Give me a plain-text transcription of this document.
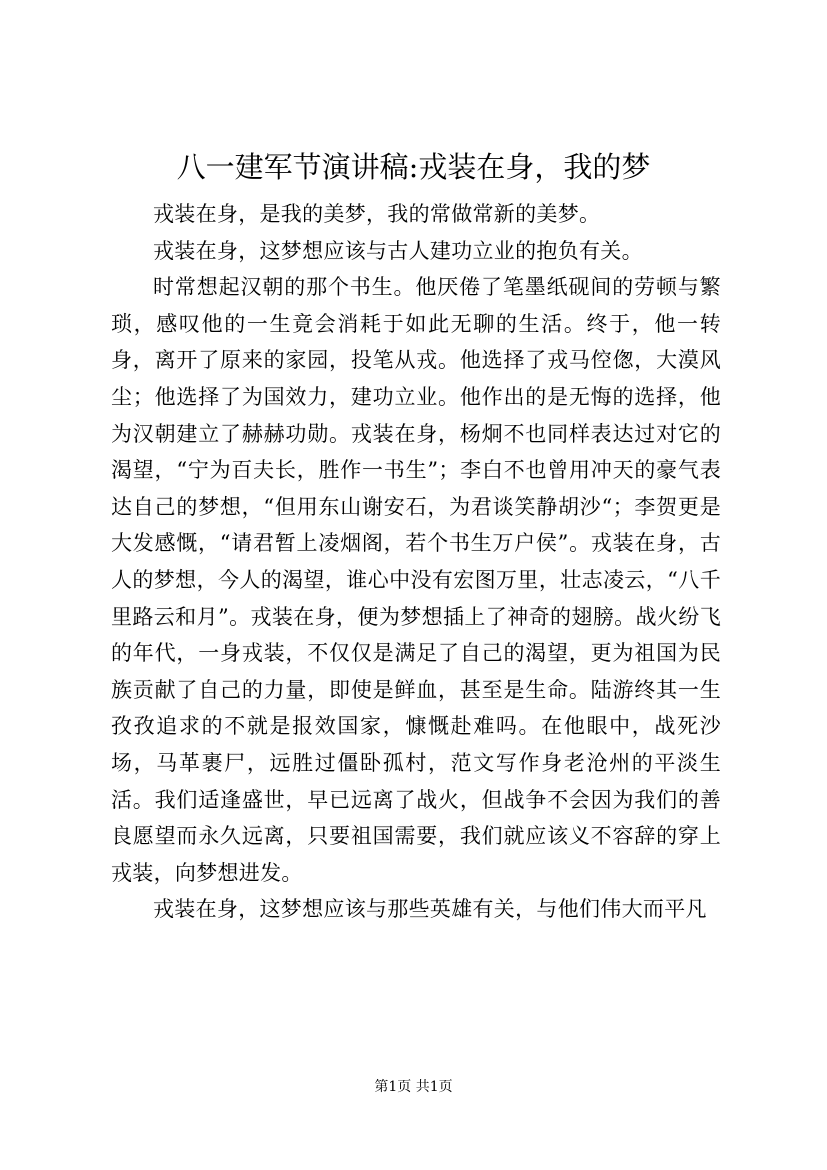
八一建军节演讲稿:戎装在身，我的梦

戎装在身，是我的美梦，我的常做常新的美梦。

戎装在身，这梦想应该与古人建功立业的抱负有关。

时常想起汉朝的那个书生。他厌倦了笔墨纸砚间的劳顿与繁琐，感叹他的一生竟会消耗于如此无聊的生活。终于，他一转身，离开了原来的家园，投笔从戎。他选择了戎马倥偬，大漠风尘；他选择了为国效力，建功立业。他作出的是无悔的选择，他为汉朝建立了赫赫功勋。戎装在身，杨炯不也同样表达过对它的渴望，“宁为百夫长，胜作一书生”；李白不也曾用冲天的豪气表达自己的梦想，“但用东山谢安石，为君谈笑静胡沙“；李贺更是大发感慨，“请君暂上凌烟阁，若个书生万户侯”。戎装在身，古人的梦想，今人的渴望，谁心中没有宏图万里，壮志凌云，“八千里路云和月”。戎装在身，便为梦想插上了神奇的翅膀。战火纷飞的年代，一身戎装，不仅仅是满足了自己的渴望，更为祖国为民族贡献了自己的力量，即使是鲜血，甚至是生命。陆游终其一生孜孜追求的不就是报效国家，慷慨赴难吗。在他眼中，战死沙场，马革裹尸，远胜过僵卧孤村，范文写作身老沧州的平淡生活。我们适逢盛世，早已远离了战火，但战争不会因为我们的善良愿望而永久远离，只要祖国需要，我们就应该义不容辞的穿上戎装，向梦想进发。

戎装在身，这梦想应该与那些英雄有关，与他们伟大而平凡

第1页 共1页
